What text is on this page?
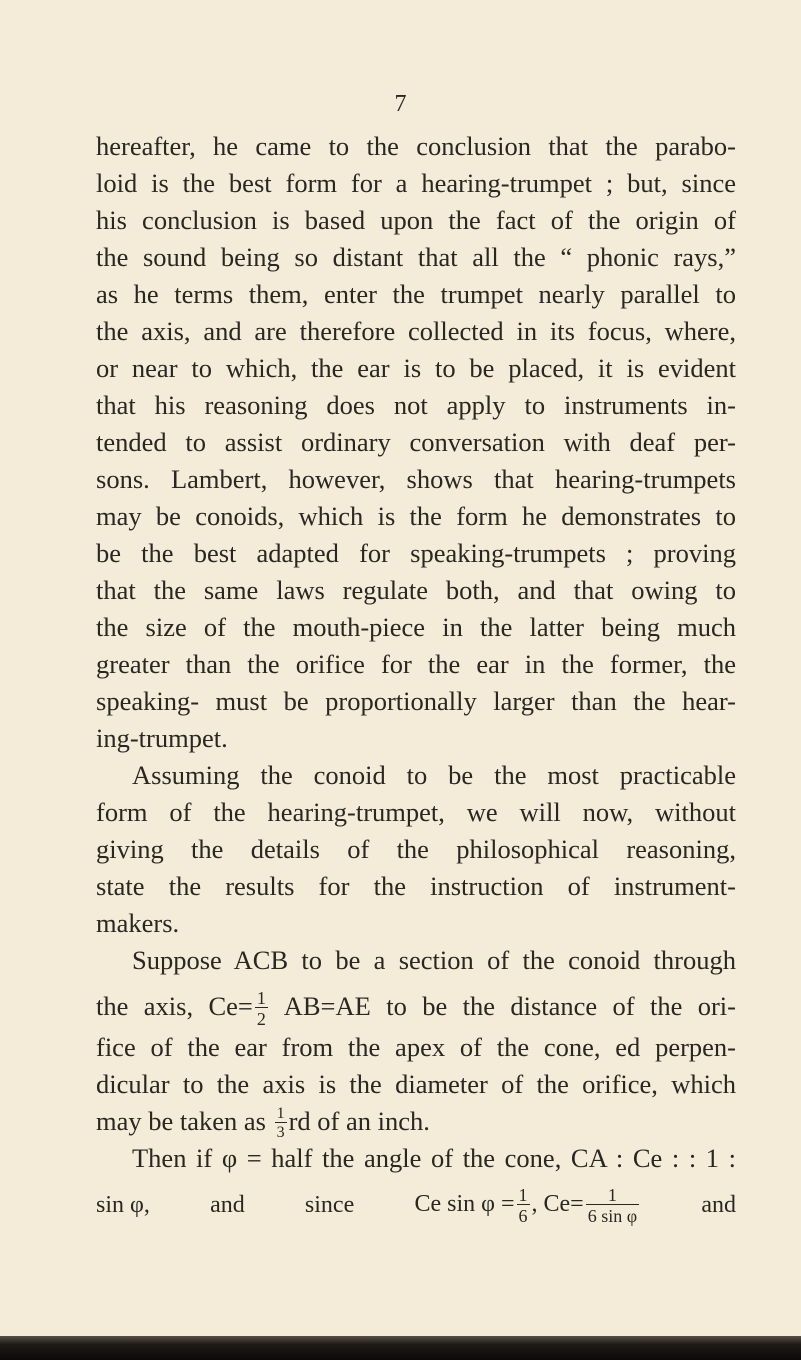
7
hereafter, he came to the conclusion that the parabo-
loid is the best form for a hearing-trumpet ; but, since
his conclusion is based upon the fact of the origin of
the sound being so distant that all the “ phonic rays,”
as he terms them, enter the trumpet nearly parallel to
the axis, and are therefore collected in its focus, where,
or near to which, the ear is to be placed, it is evident
that his reasoning does not apply to instruments in-
tended to assist ordinary conversation with deaf per-
sons. Lambert, however, shows that hearing-trumpets
may be conoids, which is the form he demonstrates to
be the best adapted for speaking-trumpets ; proving
that the same laws regulate both, and that owing to
the size of the mouth-piece in the latter being much
greater than the orifice for the ear in the former, the
speaking- must be proportionally larger than the hear-
ing-trumpet.
Assuming the conoid to be the most practicable
form of the hearing-trumpet, we will now, without
giving the details of the philosophical reasoning,
state the results for the instruction of instrument-
makers.
Suppose ACB to be a section of the conoid through
the axis, $Ce= \frac{1}{2} AB=AE$ to be the distance of the ori-
fice of the ear from the apex of the cone, ed perpen-
dicular to the axis is the diameter of the orifice, which
may be taken as $\frac{1}{3}$ rd of an inch.
Then if φ = half the angle of the cone, CA : Ce : : 1 :
sin φ,	and	since	Ce $\sin \varphi = \frac{1}{6}$ , $Ce= \frac{1}{\text{6 sin φ}}$	and
